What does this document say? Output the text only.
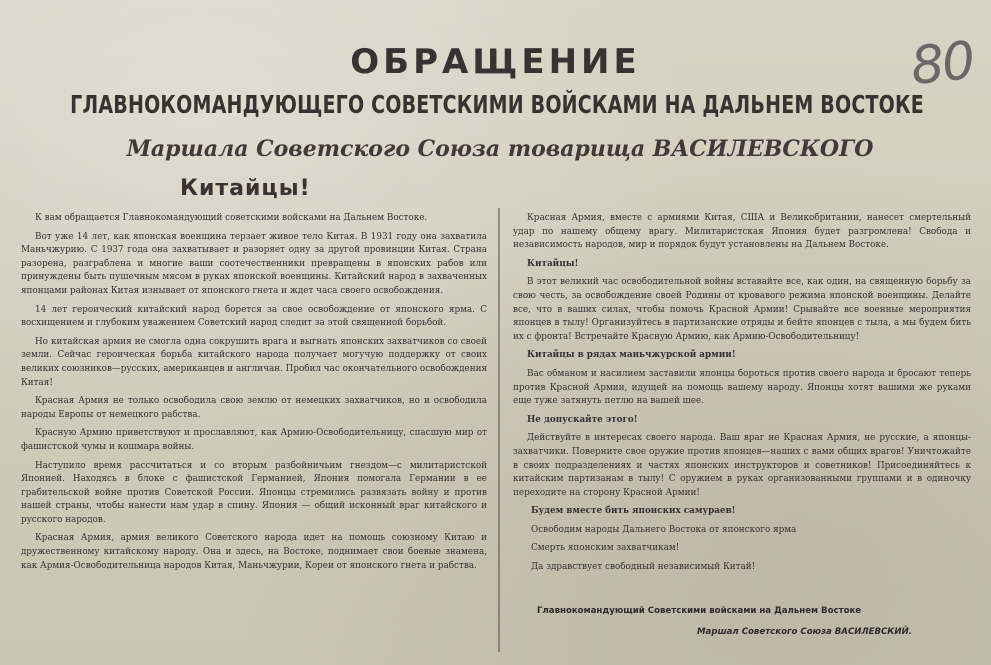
80
ОБРАЩЕНИЕ
ГЛАВНОКОМАНДУЮЩЕГО СОВЕТСКИМИ ВОЙСКАМИ НА ДАЛЬНЕМ ВОСТОКЕ
Маршала Советского Союза товарища ВАСИЛЕВСКОГО
Китайцы!

К вам обращается Главнокомандующий советскими войсками на Дальнем Востоке.

Вот уже 14 лет, как японская военщина терзает живое тело Китая. В 1931 году она захватила Маньчжурию. С 1937 года она захватывает и разоряет одну за другой провинции Китая. Страна разорена, разграблена и многие ваши соотечественники превращены в японских рабов или принуждены быть пушечным мясом в руках японской военщины. Китайский народ в захваченных японцами районах Китая изнывает от японского гнета и ждет часа своего освобождения.

14 лет героический китайский народ борется за свое освобождение от японского ярма. С восхищением и глубоким уважением Советский народ следит за этой священной борьбой.

Но китайская армия не смогла одна сокрушить врага и выгнать японских захватчиков со своей земли. Сейчас героическая борьба китайского народа получает могучую поддержку от своих великих союзников—русских, американцев и англичан. Пробил час окончательного освобождения Китая!

Красная Армия не только освободила свою землю от немецких захватчиков, но и освободила народы Европы от немецкого рабства.

Красную Армию приветствуют и прославляют, как Армию-Освободительницу, спасшую мир от фашистской чумы и кошмара войны.

Наступило время рассчитаться и со вторым разбойничьим гнездом—с милитаристской Японией. Находясь в блоке с фашистской Германией, Япония помогала Германии в ее грабительской войне против Советской России. Японцы стремились развязать войну и против нашей страны, чтобы нанести нам удар в спину. Япония — общий исконный враг китайского и русского народов.

Красная Армия, армия великого Советского народа идет на помощь союзному Китаю и дружественному китайскому народу. Она и здесь, на Востоке, поднимает свои боевые знамена, как Армия-Освободительница народов Китая, Маньчжурии, Кореи от японского гнета и рабства.

Красная Армия, вместе с армиями Китая, США и Великобритании, нанесет смертельный удар по нашему общему врагу. Милитаристская Япония будет разгромлена! Свобода и независимость народов, мир и порядок будут установлены на Дальнем Востоке.

Китайцы!

В этот великий час освободительной войны вставайте все, как один, на священную борьбу за свою честь, за освобождение своей Родины от кровавого режима японской военщины. Делайте все, что в ваших силах, чтобы помочь Красной Армии! Срывайте все военные мероприятия японцев в тылу! Организуйтесь в партизанские отряды и бейте японцев с тыла, а мы будем бить их с фронта! Встречайте Красную Армию, как Армию-Освободительницу!

Китайцы в рядах маньчжурской армии!

Вас обманом и насилием заставили японцы бороться против своего народа и бросают теперь против Красной Армии, идущей на помощь вашему народу. Японцы хотят вашими же руками еще туже затянуть петлю на вашей шее.

Не допускайте этого!

Действуйте в интересах своего народа. Ваш враг не Красная Армия, не русские, а японцы-захватчики. Поверните свое оружие против японцев—наших с вами общих врагов! Уничтожайте в своих подразделениях и частях японских инструкторов и советников! Присоединяйтесь к китайским партизанам в тылу! С оружием в руках организованными группами и в одиночку переходите на сторону Красной Армии!

Будем вместе бить японских самураев!

Освободим народы Дальнего Востока от японского ярма

Смерть японским захватчикам!

Да здравствует свободный независимый Китай!

Главнокомандующий Советскими войсками на Дальнем Востоке
Маршал Советского Союза ВАСИЛЕВСКИЙ.
